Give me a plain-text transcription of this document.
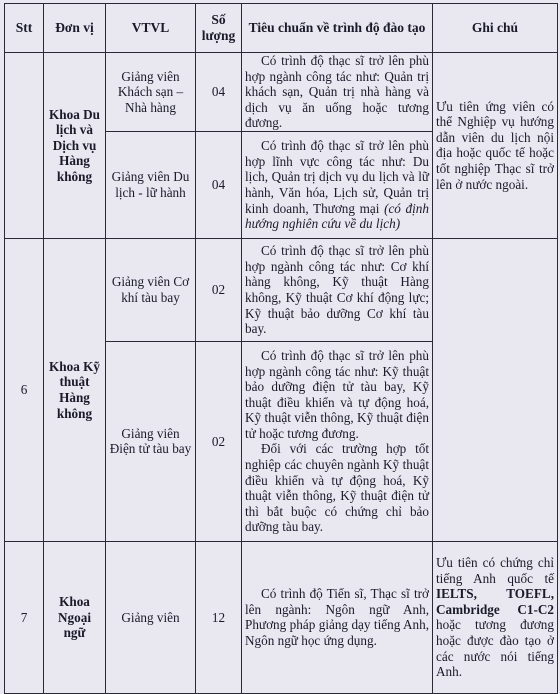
Stt	Đơn vị	VTVL	Số lượng	Tiêu chuẩn về trình độ đào tạo	Ghi chú
	Khoa Du lịch và Dịch vụ Hàng không	Giảng viên Khách sạn – Nhà hàng	04	Có trình độ thạc sĩ trở lên phù hợp ngành công tác như: Quản trị khách sạn, Quản trị nhà hàng và dịch vụ ăn uống hoặc tương đương.	Ưu tiên ứng viên có thể Nghiệp vụ hướng dẫn viên du lịch nội địa hoặc quốc tế hoặc tốt nghiệp Thạc sĩ trở lên ở nước ngoài.
		Giảng viên Du lịch - lữ hành	04	Có trình độ thạc sĩ trở lên phù hợp lĩnh vực công tác như: Du lịch, Quản trị dịch vụ du lịch và lữ hành, Văn hóa, Lịch sử, Quản trị kinh doanh, Thương mại (có định hướng nghiên cứu về du lịch)	
6	Khoa Kỹ thuật Hàng không	Giảng viên Cơ khí tàu bay	02	Có trình độ thạc sĩ trở lên phù hợp ngành công tác như: Cơ khí hàng không, Kỹ thuật Hàng không, Kỹ thuật Cơ khí động lực; Kỹ thuật bảo dưỡng Cơ khí tàu bay.	
		Giảng viên Điện tử tàu bay	02	Có trình độ thạc sĩ trở lên phù hợp ngành công tác như: Kỹ thuật bảo dưỡng điện tử tàu bay, Kỹ thuật điều khiển và tự động hoá, Kỹ thuật viễn thông, Kỹ thuật điện tử hoặc tương đương.
Đối với các trường hợp tốt nghiệp các chuyên ngành Kỹ thuật điều khiển và tự động hoá, Kỹ thuật viễn thông, Kỹ thuật điện tử thì bắt buộc có chứng chỉ bảo dưỡng tàu bay.	

7	Khoa Ngoại ngữ	Giảng viên	12	Có trình độ Tiến sĩ, Thạc sĩ trở lên ngành: Ngôn ngữ Anh, Phương pháp giảng dạy tiếng Anh, Ngôn ngữ học ứng dụng.	Ưu tiên có chứng chỉ tiếng Anh quốc tế IELTS, TOEFL, Cambridge C1-C2 hoặc tương đương hoặc được đào tạo ở các nước nói tiếng Anh.
